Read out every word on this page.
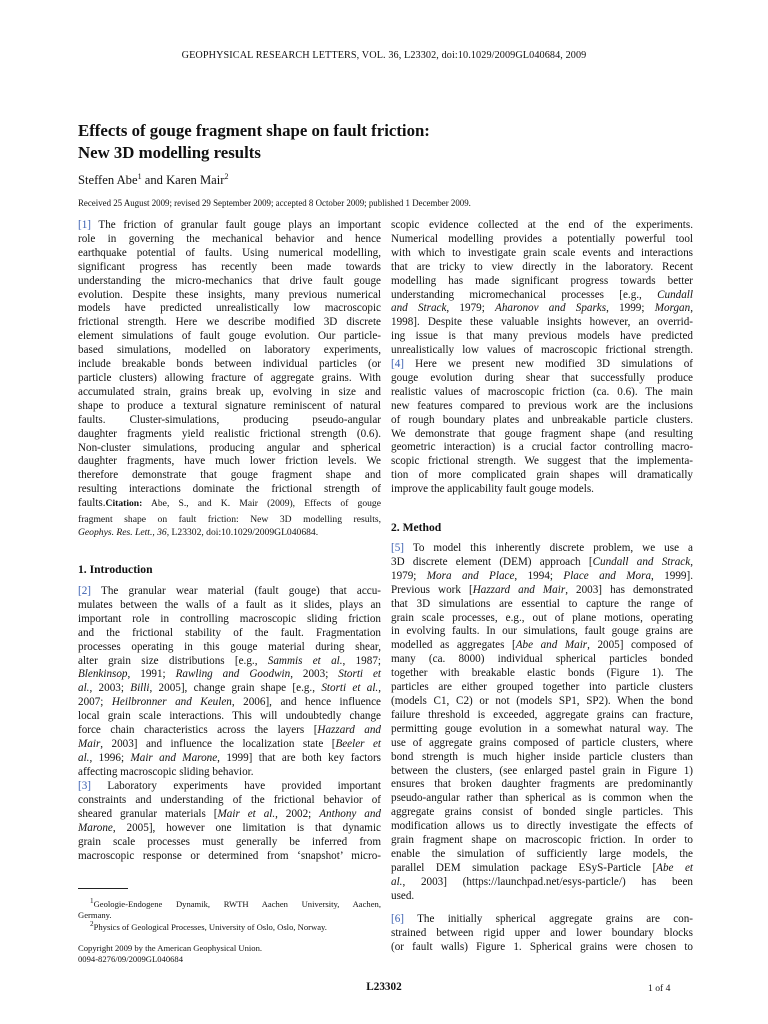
GEOPHYSICAL RESEARCH LETTERS, VOL. 36, L23302, doi:10.1029/2009GL040684, 2009
Effects of gouge fragment shape on fault friction:
New 3D modelling results
Steffen Abe$^1$ and Karen Mair$^2$
Received 25 August 2009; revised 29 September 2009; accepted 8 October 2009; published 1 December 2009.
[1] The friction of granular fault gouge plays an important
role in governing the mechanical behavior and hence
earthquake potential of faults. Using numerical modelling,
significant progress has recently been made towards
understanding the micro-mechanics that drive fault gouge
evolution. Despite these insights, many previous numerical
models have predicted unrealistically low macroscopic
frictional strength. Here we describe modified 3D discrete
element simulations of fault gouge evolution. Our particle-
based simulations, modelled on laboratory experiments,
include breakable bonds between individual particles (or
particle clusters) allowing fracture of aggregate grains. With
accumulated strain, grains break up, evolving in size and
shape to produce a textural signature reminiscent of natural
faults. Cluster-simulations, producing pseudo-angular
daughter fragments yield realistic frictional strength (0.6).
Non-cluster simulations, producing angular and spherical
daughter fragments, have much lower friction levels. We
therefore demonstrate that gouge fragment shape and
resulting interactions dominate the frictional strength of
faults.Citation: Abe, S., and K. Mair (2009), Effects of gouge
fragment shape on fault friction: New 3D modelling results,
Geophys. Res. Lett., 36, L23302, doi:10.1029/2009GL040684.
1. Introduction
[2] The granular wear material (fault gouge) that accu-
mulates between the walls of a fault as it slides, plays an
important role in controlling macroscopic sliding friction
and the frictional stability of the fault. Fragmentation
processes operating in this gouge material during shear,
alter grain size distributions [e.g., Sammis et al., 1987;
Blenkinsop, 1991; Rawling and Goodwin, 2003; Storti et
al., 2003; Billi, 2005], change grain shape [e.g., Storti et al.,
2007; Heilbronner and Keulen, 2006], and hence influence
local grain scale interactions. This will undoubtedly change
force chain characteristics across the layers [Hazzard and
Mair, 2003] and influence the localization state [Beeler et
al., 1996; Mair and Marone, 1999] that are both key factors
affecting macroscopic sliding behavior.
[3] Laboratory experiments have provided important
constraints and understanding of the frictional behavior of
sheared granular materials [Mair et al., 2002; Anthony and
Marone, 2005], however one limitation is that dynamic
grain scale processes must generally be inferred from
macroscopic response or determined from ‘snapshot’ micro-
$^1$Geologie-Endogene Dynamik, RWTH Aachen University, Aachen,
Germany.
$^2$Physics of Geological Processes, University of Oslo, Oslo, Norway.
Copyright 2009 by the American Geophysical Union.
0094-8276/09/2009GL040684
scopic evidence collected at the end of the experiments.
Numerical modelling provides a potentially powerful tool
with which to investigate grain scale events and interactions
that are tricky to view directly in the laboratory. Recent
modelling has made significant progress towards better
understanding micromechanical processes [e.g., Cundall
and Strack, 1979; Aharonov and Sparks, 1999; Morgan,
1998]. Despite these valuable insights however, an overrid-
ing issue is that many previous models have predicted
unrealistically low values of macroscopic frictional strength.
[4] Here we present new modified 3D simulations of
gouge evolution during shear that successfully produce
realistic values of macroscopic friction (ca. 0.6). The main
new features compared to previous work are the inclusions
of rough boundary plates and unbreakable particle clusters.
We demonstrate that gouge fragment shape (and resulting
geometric interaction) is a crucial factor controlling macro-
scopic frictional strength. We suggest that the implementa-
tion of more complicated grain shapes will dramatically
improve the applicability fault gouge models.
2. Method
[5] To model this inherently discrete problem, we use a
3D discrete element (DEM) approach [Cundall and Strack,
1979; Mora and Place, 1994; Place and Mora, 1999].
Previous work [Hazzard and Mair, 2003] has demonstrated
that 3D simulations are essential to capture the range of
grain scale processes, e.g., out of plane motions, operating
in evolving faults. In our simulations, fault gouge grains are
modelled as aggregates [Abe and Mair, 2005] composed of
many (ca. 8000) individual spherical particles bonded
together with breakable elastic bonds (Figure 1). The
particles are either grouped together into particle clusters
(models C1, C2) or not (models SP1, SP2). When the bond
failure threshold is exceeded, aggregate grains can fracture,
permitting gouge evolution in a somewhat natural way. The
use of aggregate grains composed of particle clusters, where
bond strength is much higher inside particle clusters than
between the clusters, (see enlarged pastel grain in Figure 1)
ensures that broken daughter fragments are predominantly
pseudo-angular rather than spherical as is common when the
aggregate grains consist of bonded single particles. This
modification allows us to directly investigate the effects of
grain fragment shape on macroscopic friction. In order to
enable the simulation of sufficiently large models, the
parallel DEM simulation package ESyS-Particle [Abe et
al., 2003] (https://launchpad.net/esys-particle/) has been
used.
[6] The initially spherical aggregate grains are con-
strained between rigid upper and lower boundary blocks
(or fault walls) Figure 1. Spherical grains were chosen to
L23302	1 of 4
